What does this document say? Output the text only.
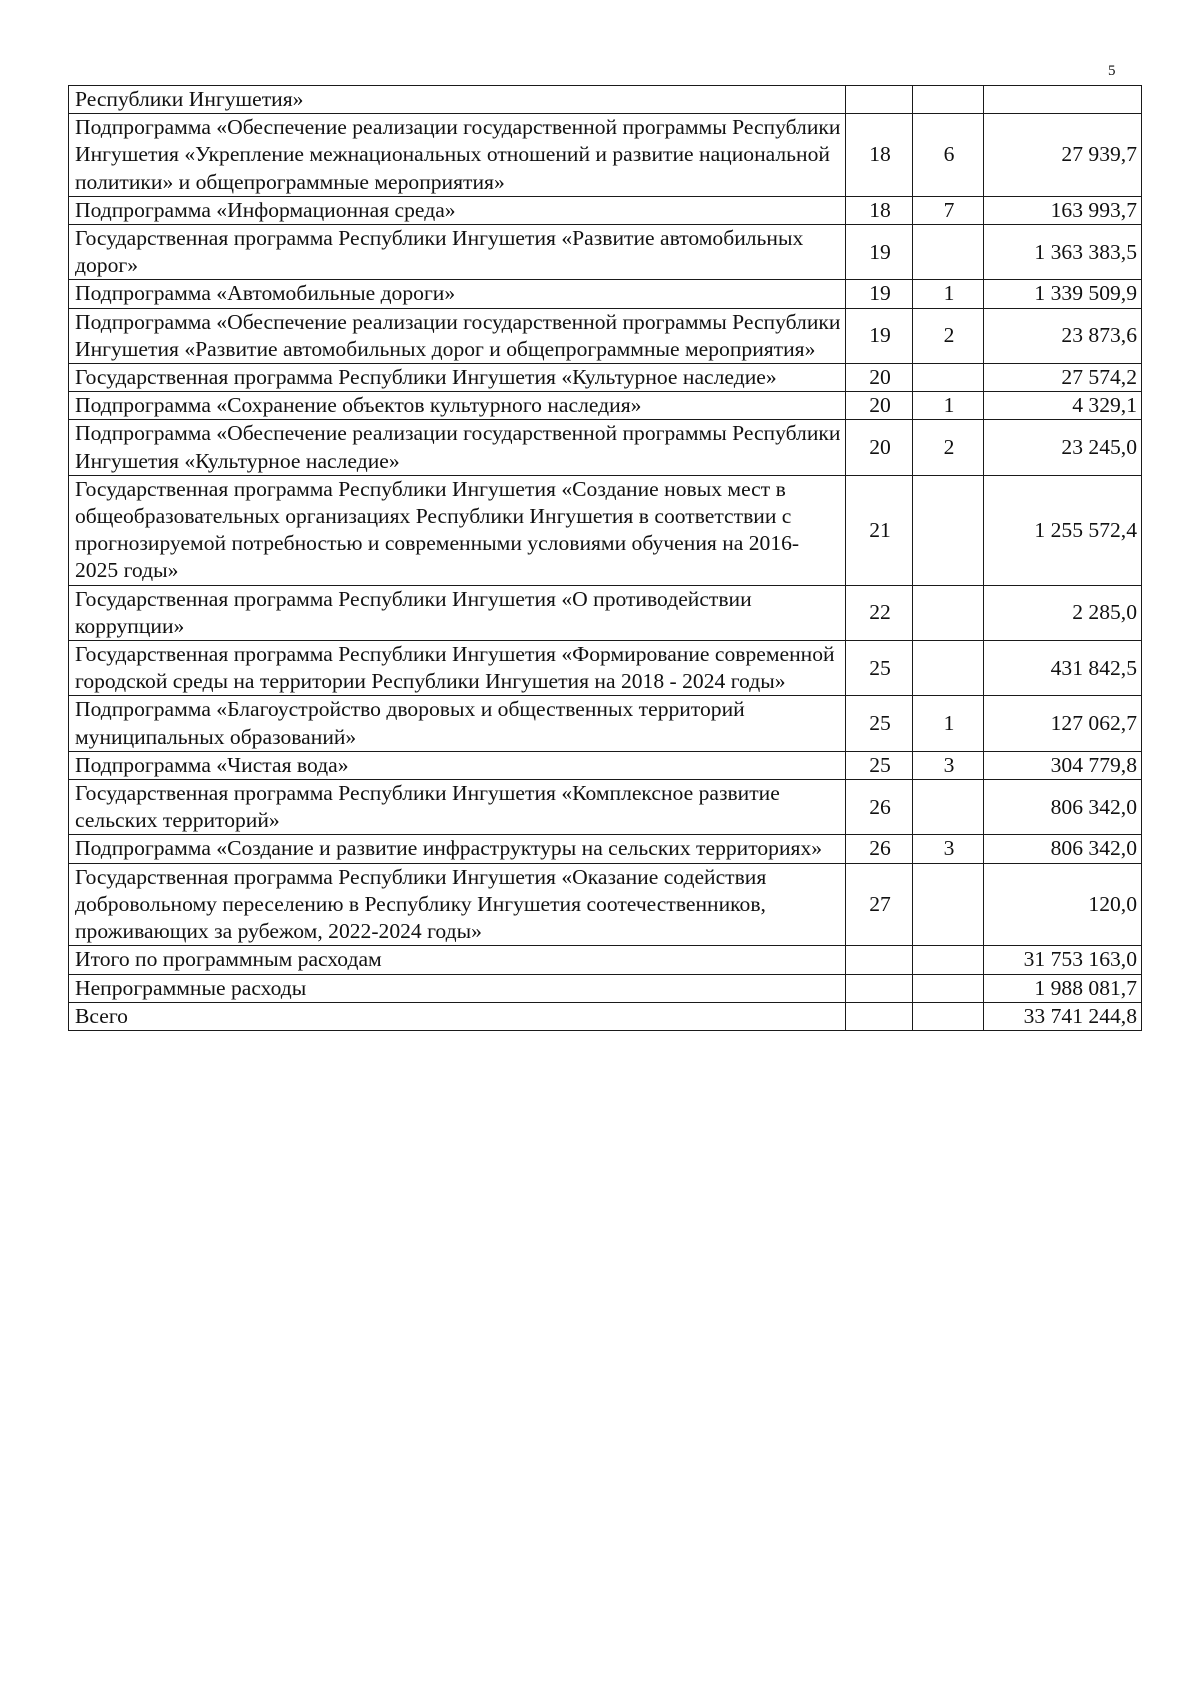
5
Республики Ингушетия»			
Подпрограмма «Обеспечение реализации государственной программы Республики Ингушетия «Укрепление межнациональных отношений и развитие национальной политики» и общепрограммные мероприятия»	18	6	27 939,7
Подпрограмма «Информационная среда»	18	7	163 993,7
Государственная программа Республики Ингушетия «Развитие автомобильных дорог»	19		1 363 383,5
Подпрограмма «Автомобильные дороги»	19	1	1 339 509,9
Подпрограмма «Обеспечение реализации государственной программы Республики Ингушетия «Развитие автомобильных дорог и общепрограммные мероприятия»	19	2	23 873,6
Государственная программа Республики Ингушетия «Культурное наследие»	20		27 574,2
Подпрограмма «Сохранение объектов культурного наследия»	20	1	4 329,1
Подпрограмма «Обеспечение реализации государственной программы Республики Ингушетия «Культурное наследие»	20	2	23 245,0
Государственная программа Республики Ингушетия «Создание новых мест в общеобразовательных организациях Республики Ингушетия в соответствии с прогнозируемой потребностью и современными условиями обучения на 2016-2025 годы»	21		1 255 572,4
Государственная программа Республики Ингушетия «О противодействии коррупции»	22		2 285,0
Государственная программа Республики Ингушетия «Формирование современной городской среды на территории Республики Ингушетия на 2018 - 2024 годы»	25		431 842,5
Подпрограмма «Благоустройство дворовых и общественных территорий муниципальных образований»	25	1	127 062,7
Подпрограмма «Чистая вода»	25	3	304 779,8
Государственная программа Республики Ингушетия «Комплексное развитие сельских территорий»	26		806 342,0
Подпрограмма «Создание и развитие инфраструктуры на сельских территориях»	26	3	806 342,0
Государственная программа Республики Ингушетия «Оказание содействия добровольному переселению в Республику Ингушетия соотечественников, проживающих за рубежом, 2022-2024 годы»	27		120,0
Итого по программным расходам			31 753 163,0
Непрограммные расходы			1 988 081,7
Всего			33 741 244,8
